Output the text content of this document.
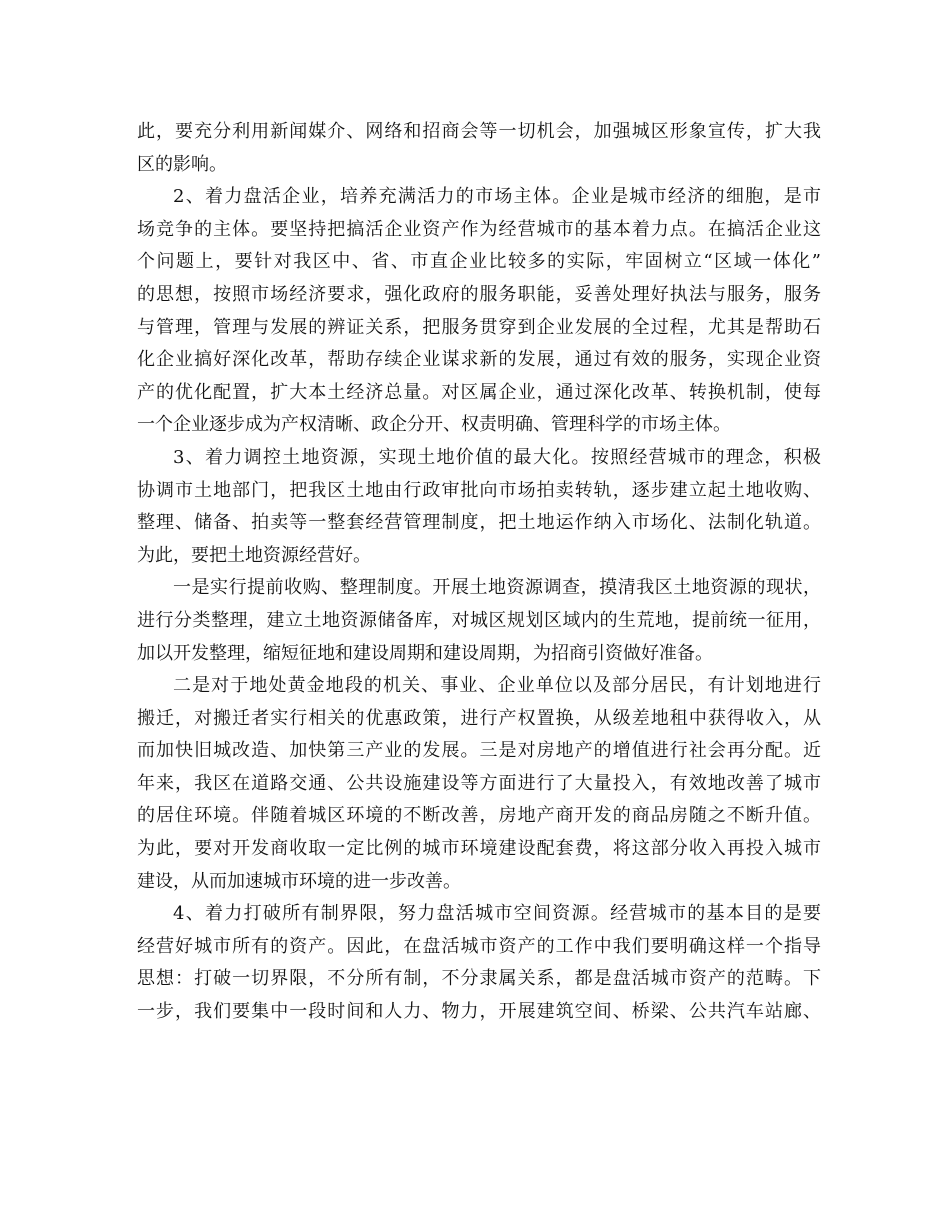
此，要充分利用新闻媒介、网络和招商会等一切机会，加强城区形象宣传，扩大我
区的影响。
2、着力盘活企业，培养充满活力的市场主体。企业是城市经济的细胞，是市
场竞争的主体。要坚持把搞活企业资产作为经营城市的基本着力点。在搞活企业这
个问题上，要针对我区中、省、市直企业比较多的实际，牢固树立“区域一体化”
的思想，按照市场经济要求，强化政府的服务职能，妥善处理好执法与服务，服务
与管理，管理与发展的辨证关系，把服务贯穿到企业发展的全过程，尤其是帮助石
化企业搞好深化改革，帮助存续企业谋求新的发展，通过有效的服务，实现企业资
产的优化配置，扩大本土经济总量。对区属企业，通过深化改革、转换机制，使每
一个企业逐步成为产权清晰、政企分开、权责明确、管理科学的市场主体。
3、着力调控土地资源，实现土地价值的最大化。按照经营城市的理念，积极
协调市土地部门，把我区土地由行政审批向市场拍卖转轨，逐步建立起土地收购、
整理、储备、拍卖等一整套经营管理制度，把土地运作纳入市场化、法制化轨道。
为此，要把土地资源经营好。
一是实行提前收购、整理制度。开展土地资源调查，摸清我区土地资源的现状，
进行分类整理，建立土地资源储备库，对城区规划区域内的生荒地，提前统一征用，
加以开发整理，缩短征地和建设周期和建设周期，为招商引资做好准备。
二是对于地处黄金地段的机关、事业、企业单位以及部分居民，有计划地进行
搬迁，对搬迁者实行相关的优惠政策，进行产权置换，从级差地租中获得收入，从
而加快旧城改造、加快第三产业的发展。三是对房地产的增值进行社会再分配。近
年来，我区在道路交通、公共设施建设等方面进行了大量投入，有效地改善了城市
的居住环境。伴随着城区环境的不断改善，房地产商开发的商品房随之不断升值。
为此，要对开发商收取一定比例的城市环境建设配套费，将这部分收入再投入城市
建设，从而加速城市环境的进一步改善。
4、着力打破所有制界限，努力盘活城市空间资源。经营城市的基本目的是要
经营好城市所有的资产。因此，在盘活城市资产的工作中我们要明确这样一个指导
思想：打破一切界限，不分所有制，不分隶属关系，都是盘活城市资产的范畴。下
一步，我们要集中一段时间和人力、物力，开展建筑空间、桥梁、公共汽车站廊、
